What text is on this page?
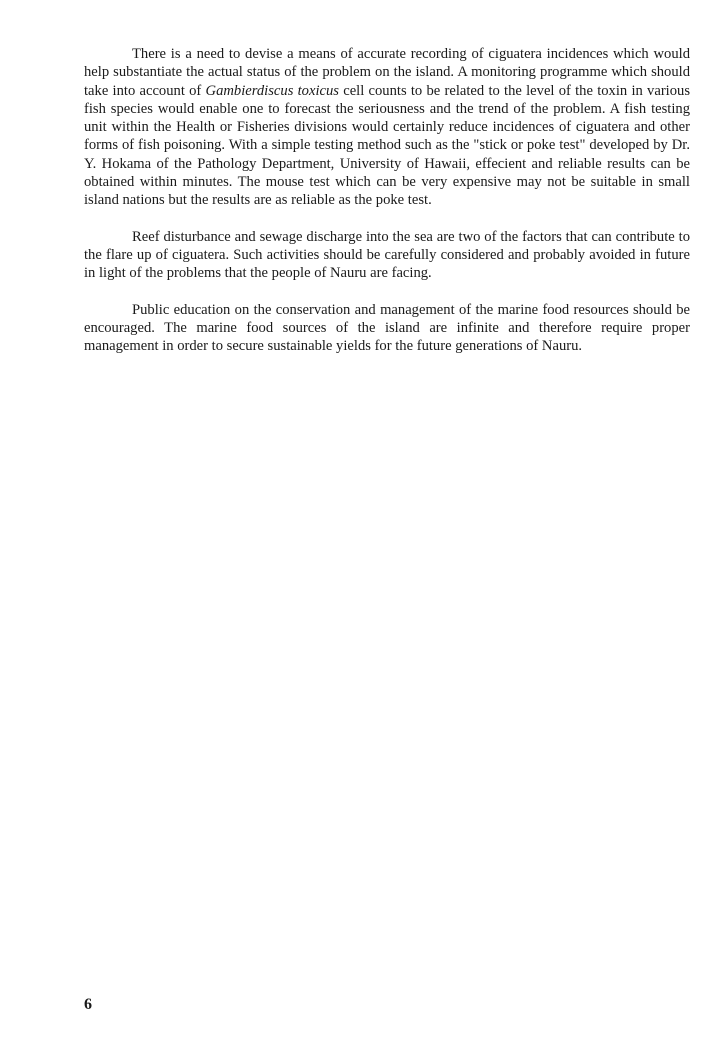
There is a need to devise a means of accurate recording of ciguatera incidences which would help substantiate the actual status of the problem on the island. A monitoring programme which should take into account of Gambierdiscus toxicus cell counts to be related to the level of the toxin in various fish species would enable one to forecast the seriousness and the trend of the problem. A fish testing unit within the Health or Fisheries divisions would certainly reduce incidences of ciguatera and other forms of fish poisoning. With a simple testing method such as the "stick or poke test" developed by Dr. Y. Hokama of the Pathology Department, University of Hawaii, effecient and reliable results can be obtained within minutes. The mouse test which can be very expensive may not be suitable in small island nations but the results are as reliable as the poke test.

Reef disturbance and sewage discharge into the sea are two of the factors that can contribute to the flare up of ciguatera. Such activities should be carefully considered and probably avoided in future in light of the problems that the people of Nauru are facing.

Public education on the conservation and management of the marine food resources should be encouraged. The marine food sources of the island are infinite and therefore require proper management in order to secure sustainable yields for the future generations of Nauru.

6
